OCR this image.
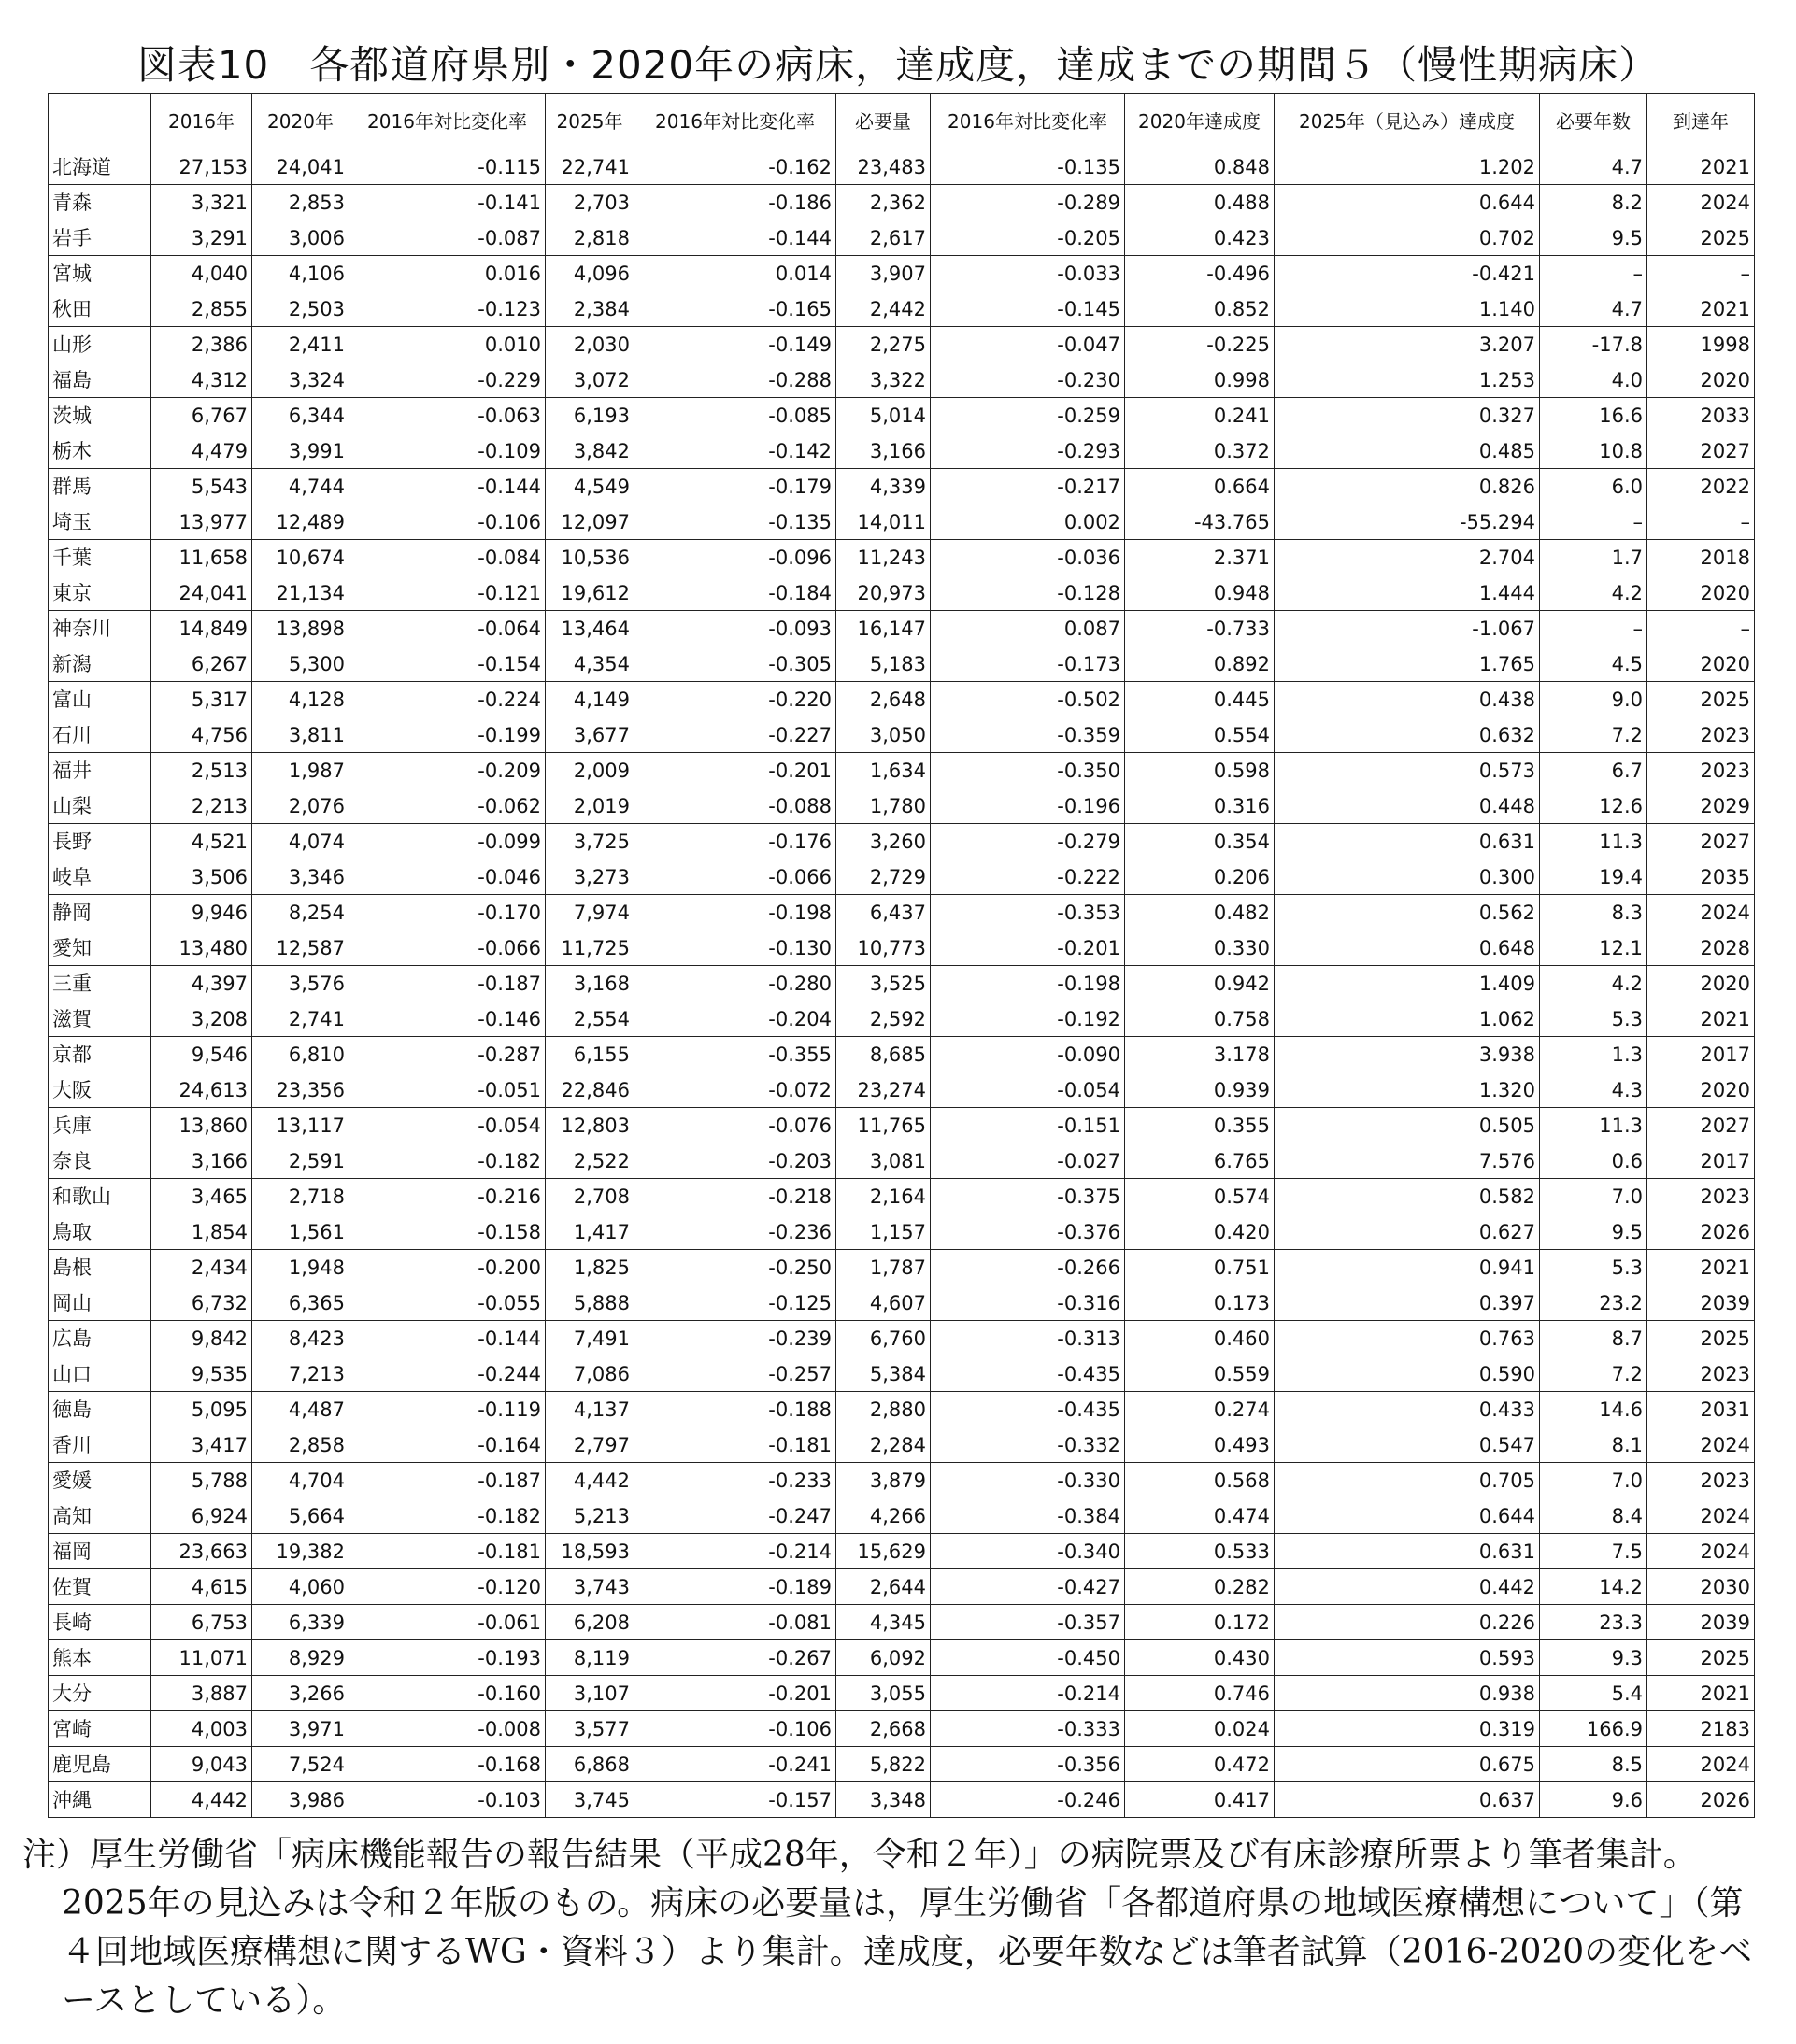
図表10　各都道府県別・2020年の病床，達成度，達成までの期間５（慢性期病床）
	2016年	2020年	2016年対比変化率	2025年	2016年対比変化率	必要量	2016年対比変化率	2020年達成度	2025年（見込み）達成度	必要年数	到達年
北海道	27,153	24,041	-0.115	22,741	-0.162	23,483	-0.135	0.848	1.202	4.7	2021
青森	3,321	2,853	-0.141	2,703	-0.186	2,362	-0.289	0.488	0.644	8.2	2024
岩手	3,291	3,006	-0.087	2,818	-0.144	2,617	-0.205	0.423	0.702	9.5	2025
宮城	4,040	4,106	0.016	4,096	0.014	3,907	-0.033	-0.496	-0.421	–	–
秋田	2,855	2,503	-0.123	2,384	-0.165	2,442	-0.145	0.852	1.140	4.7	2021
山形	2,386	2,411	0.010	2,030	-0.149	2,275	-0.047	-0.225	3.207	-17.8	1998
福島	4,312	3,324	-0.229	3,072	-0.288	3,322	-0.230	0.998	1.253	4.0	2020
茨城	6,767	6,344	-0.063	6,193	-0.085	5,014	-0.259	0.241	0.327	16.6	2033
栃木	4,479	3,991	-0.109	3,842	-0.142	3,166	-0.293	0.372	0.485	10.8	2027
群馬	5,543	4,744	-0.144	4,549	-0.179	4,339	-0.217	0.664	0.826	6.0	2022
埼玉	13,977	12,489	-0.106	12,097	-0.135	14,011	0.002	-43.765	-55.294	–	–
千葉	11,658	10,674	-0.084	10,536	-0.096	11,243	-0.036	2.371	2.704	1.7	2018
東京	24,041	21,134	-0.121	19,612	-0.184	20,973	-0.128	0.948	1.444	4.2	2020
神奈川	14,849	13,898	-0.064	13,464	-0.093	16,147	0.087	-0.733	-1.067	–	–
新潟	6,267	5,300	-0.154	4,354	-0.305	5,183	-0.173	0.892	1.765	4.5	2020
富山	5,317	4,128	-0.224	4,149	-0.220	2,648	-0.502	0.445	0.438	9.0	2025
石川	4,756	3,811	-0.199	3,677	-0.227	3,050	-0.359	0.554	0.632	7.2	2023
福井	2,513	1,987	-0.209	2,009	-0.201	1,634	-0.350	0.598	0.573	6.7	2023
山梨	2,213	2,076	-0.062	2,019	-0.088	1,780	-0.196	0.316	0.448	12.6	2029
長野	4,521	4,074	-0.099	3,725	-0.176	3,260	-0.279	0.354	0.631	11.3	2027
岐阜	3,506	3,346	-0.046	3,273	-0.066	2,729	-0.222	0.206	0.300	19.4	2035
静岡	9,946	8,254	-0.170	7,974	-0.198	6,437	-0.353	0.482	0.562	8.3	2024
愛知	13,480	12,587	-0.066	11,725	-0.130	10,773	-0.201	0.330	0.648	12.1	2028
三重	4,397	3,576	-0.187	3,168	-0.280	3,525	-0.198	0.942	1.409	4.2	2020
滋賀	3,208	2,741	-0.146	2,554	-0.204	2,592	-0.192	0.758	1.062	5.3	2021
京都	9,546	6,810	-0.287	6,155	-0.355	8,685	-0.090	3.178	3.938	1.3	2017
大阪	24,613	23,356	-0.051	22,846	-0.072	23,274	-0.054	0.939	1.320	4.3	2020
兵庫	13,860	13,117	-0.054	12,803	-0.076	11,765	-0.151	0.355	0.505	11.3	2027
奈良	3,166	2,591	-0.182	2,522	-0.203	3,081	-0.027	6.765	7.576	0.6	2017
和歌山	3,465	2,718	-0.216	2,708	-0.218	2,164	-0.375	0.574	0.582	7.0	2023
鳥取	1,854	1,561	-0.158	1,417	-0.236	1,157	-0.376	0.420	0.627	9.5	2026
島根	2,434	1,948	-0.200	1,825	-0.250	1,787	-0.266	0.751	0.941	5.3	2021
岡山	6,732	6,365	-0.055	5,888	-0.125	4,607	-0.316	0.173	0.397	23.2	2039
広島	9,842	8,423	-0.144	7,491	-0.239	6,760	-0.313	0.460	0.763	8.7	2025
山口	9,535	7,213	-0.244	7,086	-0.257	5,384	-0.435	0.559	0.590	7.2	2023
徳島	5,095	4,487	-0.119	4,137	-0.188	2,880	-0.435	0.274	0.433	14.6	2031
香川	3,417	2,858	-0.164	2,797	-0.181	2,284	-0.332	0.493	0.547	8.1	2024
愛媛	5,788	4,704	-0.187	4,442	-0.233	3,879	-0.330	0.568	0.705	7.0	2023
高知	6,924	5,664	-0.182	5,213	-0.247	4,266	-0.384	0.474	0.644	8.4	2024
福岡	23,663	19,382	-0.181	18,593	-0.214	15,629	-0.340	0.533	0.631	7.5	2024
佐賀	4,615	4,060	-0.120	3,743	-0.189	2,644	-0.427	0.282	0.442	14.2	2030
長崎	6,753	6,339	-0.061	6,208	-0.081	4,345	-0.357	0.172	0.226	23.3	2039
熊本	11,071	8,929	-0.193	8,119	-0.267	6,092	-0.450	0.430	0.593	9.3	2025
大分	3,887	3,266	-0.160	3,107	-0.201	3,055	-0.214	0.746	0.938	5.4	2021
宮崎	4,003	3,971	-0.008	3,577	-0.106	2,668	-0.333	0.024	0.319	166.9	2183
鹿児島	9,043	7,524	-0.168	6,868	-0.241	5,822	-0.356	0.472	0.675	8.5	2024
沖縄	4,442	3,986	-0.103	3,745	-0.157	3,348	-0.246	0.417	0.637	9.6	2026

注）厚生労働省「病床機能報告の報告結果（平成28年，令和２年）」の病院票及び有床診療所票より筆者集計。2025年の見込みは令和２年版のもの。病床の必要量は，厚生労働省「各都道府県の地域医療構想について」（第４回地域医療構想に関するWG・資料３）より集計。達成度，必要年数などは筆者試算（2016-2020の変化をベースとしている）。
